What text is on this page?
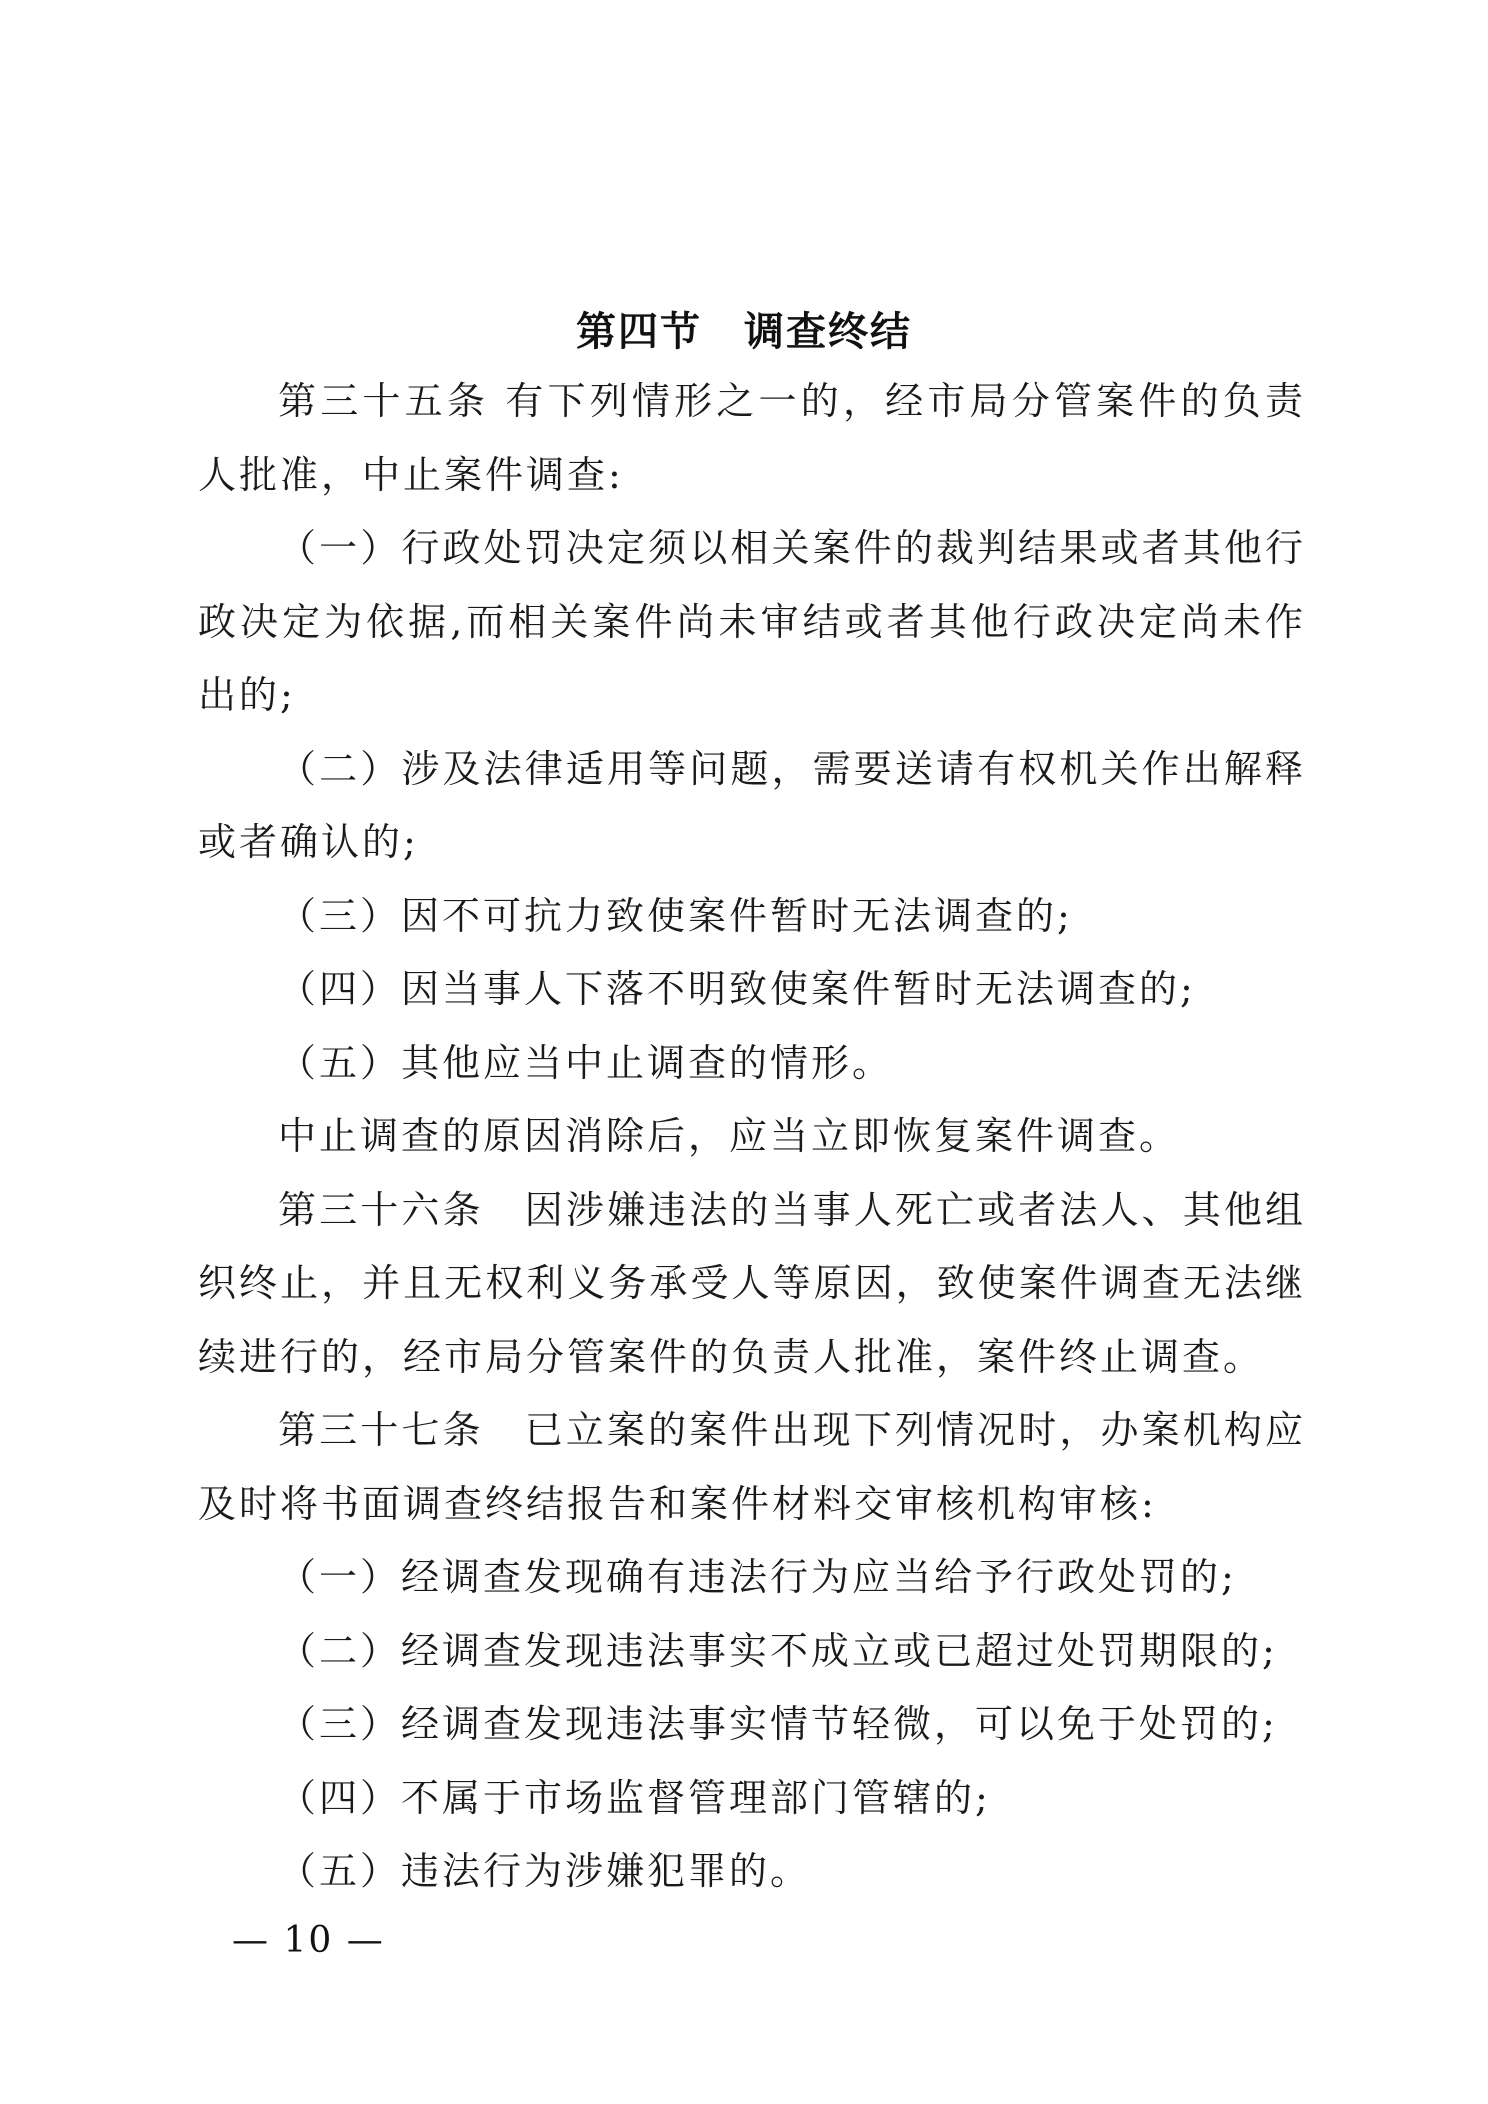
第四节　调查终结

第三十五条 有下列情形之一的，经市局分管案件的负责人批准，中止案件调查:

（一）行政处罚决定须以相关案件的裁判结果或者其他行政决定为依据,而相关案件尚未审结或者其他行政决定尚未作出的;

（二）涉及法律适用等问题，需要送请有权机关作出解释或者确认的;

（三）因不可抗力致使案件暂时无法调查的;

（四）因当事人下落不明致使案件暂时无法调查的;

（五）其他应当中止调查的情形。

中止调查的原因消除后，应当立即恢复案件调查。

第三十六条　因涉嫌违法的当事人死亡或者法人、其他组织终止，并且无权利义务承受人等原因，致使案件调查无法继续进行的，经市局分管案件的负责人批准，案件终止调查。

第三十七条　已立案的案件出现下列情况时，办案机构应及时将书面调查终结报告和案件材料交审核机构审核:

（一）经调查发现确有违法行为应当给予行政处罚的;

（二）经调查发现违法事实不成立或已超过处罚期限的;

（三）经调查发现违法事实情节轻微，可以免于处罚的;

（四）不属于市场监督管理部门管辖的;

（五）违法行为涉嫌犯罪的。

— 10 —
